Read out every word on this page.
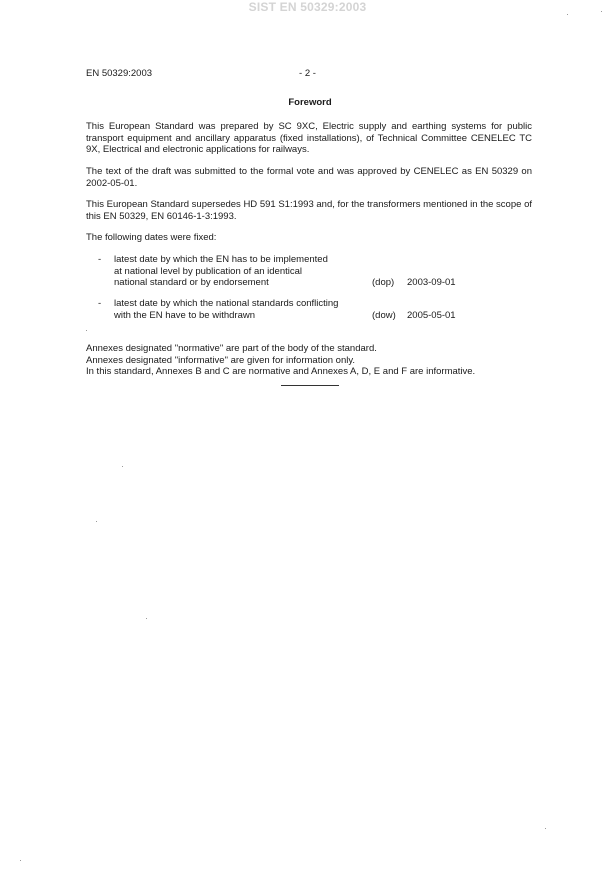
SIST EN 50329:2003
EN 50329:2003	- 2 -
Foreword

This European Standard was prepared by SC 9XC, Electric supply and earthing systems for public transport equipment and ancillary apparatus (fixed installations), of Technical Committee CENELEC TC 9X, Electrical and electronic applications for railways.

The text of the draft was submitted to the formal vote and was approved by CENELEC as EN 50329 on 2002-05-01.

This European Standard supersedes HD 591 S1:1993 and, for the transformers mentioned in the scope of this EN 50329, EN 60146-1-3:1993.

The following dates were fixed:

- latest date by which the EN has to be implemented
at national level by publication of an identical
national standard or by endorsement	(dop)	2003-09-01
- latest date by which the national standards conflicting
with the EN have to be withdrawn	(dow)	2005-05-01
Annexes designated "normative" are part of the body of the standard.
Annexes designated "informative" are given for information only.
In this standard, Annexes B and C are normative and Annexes A, D, E and F are informative.
